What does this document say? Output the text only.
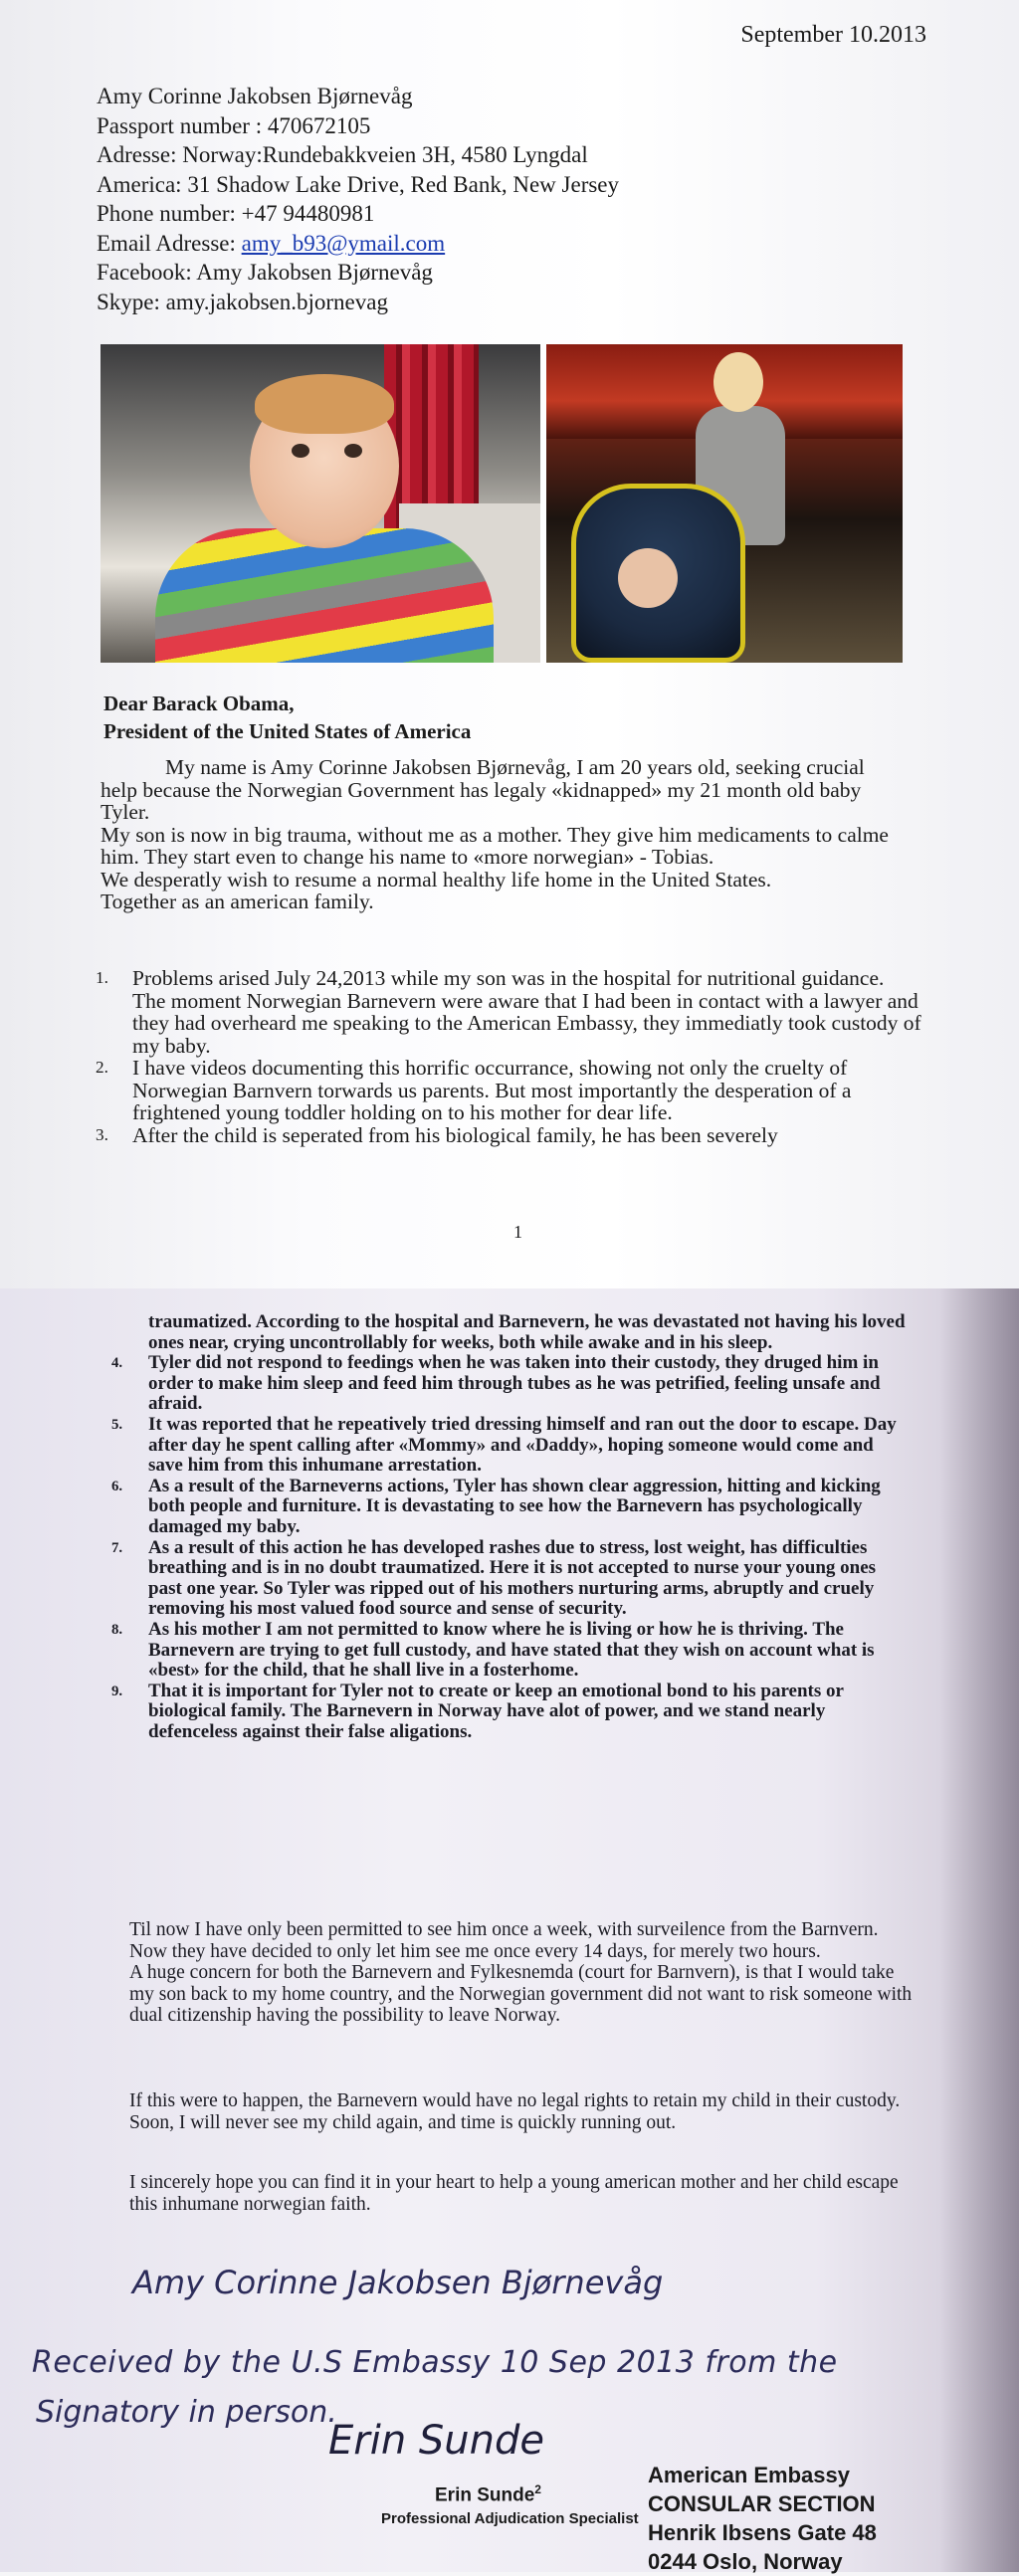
September 10.2013
Amy Corinne Jakobsen Bjørnevåg
Passport number : 470672105
Adresse: Norway:Rundebakkveien 3H, 4580 Lyngdal
America: 31 Shadow Lake Drive, Red Bank, New Jersey
Phone number: +47 94480981
Email Adresse: amy_b93@ymail.com
Facebook: Amy Jakobsen Bjørnevåg
Skype: amy.jakobsen.bjornevag
Dear Barack Obama,
President of the United States of America

My name is Amy Corinne Jakobsen Bjørnevåg, I am 20 years old, seeking crucial help because the Norwegian Government has legaly «kidnapped» my 21 month old baby Tyler.

My son is now in big trauma, without me as a mother. They give him medicaments to calme him. They start even to change his name to «more norwegian» - Tobias.

We desperatly wish to resume a normal healthy life home in the United States.

Together as an american family.

1. Problems arised July 24,2013 while my son was in the hospital for nutritional guidance. The moment Norwegian Barnevern were aware that I had been in contact with a lawyer and they had overheard me speaking to the American Embassy, they immediatly took custody of my baby.
2. I have videos documenting this horrific occurrance, showing not only the cruelty of Norwegian Barnvern torwards us parents. But most importantly the desperation of a frightened young toddler holding on to his mother for dear life.
3. After the child is seperated from his biological family, he has been severely
1
traumatized. According to the hospital and Barnevern, he was devastated not having his loved ones near, crying uncontrollably for weeks, both while awake and in his sleep.
4. Tyler did not respond to feedings when he was taken into their custody, they druged him in order to make him sleep and feed him through tubes as he was petrified, feeling unsafe and afraid.
5. It was reported that he repeatively tried dressing himself and ran out the door to escape. Day after day he spent calling after «Mommy» and «Daddy», hoping someone would come and save him from this inhumane arrestation.
6. As a result of the Barneverns actions, Tyler has shown clear aggression, hitting and kicking both people and furniture. It is devastating to see how the Barnevern has psychologically damaged my baby.
7. As a result of this action he has developed rashes due to stress, lost weight, has difficulties breathing and is in no doubt traumatized. Here it is not accepted to nurse your young ones past one year. So Tyler was ripped out of his mothers nurturing arms, abruptly and cruely removing his most valued food source and sense of security.
8. As his mother I am not permitted to know where he is living or how he is thriving. The Barnevern are trying to get full custody, and have stated that they wish on account what is «best» for the child, that he shall live in a fosterhome.
9. That it is important for Tyler not to create or keep an emotional bond to his parents or biological family. The Barnevern in Norway have alot of power, and we stand nearly defenceless against their false aligations.

Til now I have only been permitted to see him once a week, with surveilence from the Barnvern. Now they have decided to only let him see me once every 14 days, for merely two hours.

A huge concern for both the Barnevern and Fylkesnemda (court for Barnvern), is that I would take my son back to my home country, and the Norwegian government did not want to risk someone with dual citizenship having the possibility to leave Norway.

If this were to happen, the Barnevern would have no legal rights to retain my child in their custody. Soon, I will never see my child again, and time is quickly running out.

I sincerely hope you can find it in your heart to help a young american mother and her child escape this inhumane norwegian faith.

Amy Corinne Jakobsen Bjørnevåg
Received by the U.S Embassy 10 Sep 2013 from the
Signatory in person.
Erin Sunde
Erin Sunde$^2$
Professional Adjudication Specialist
American Embassy
CONSULAR SECTION
Henrik Ibsens Gate 48
0244 Oslo, Norway
